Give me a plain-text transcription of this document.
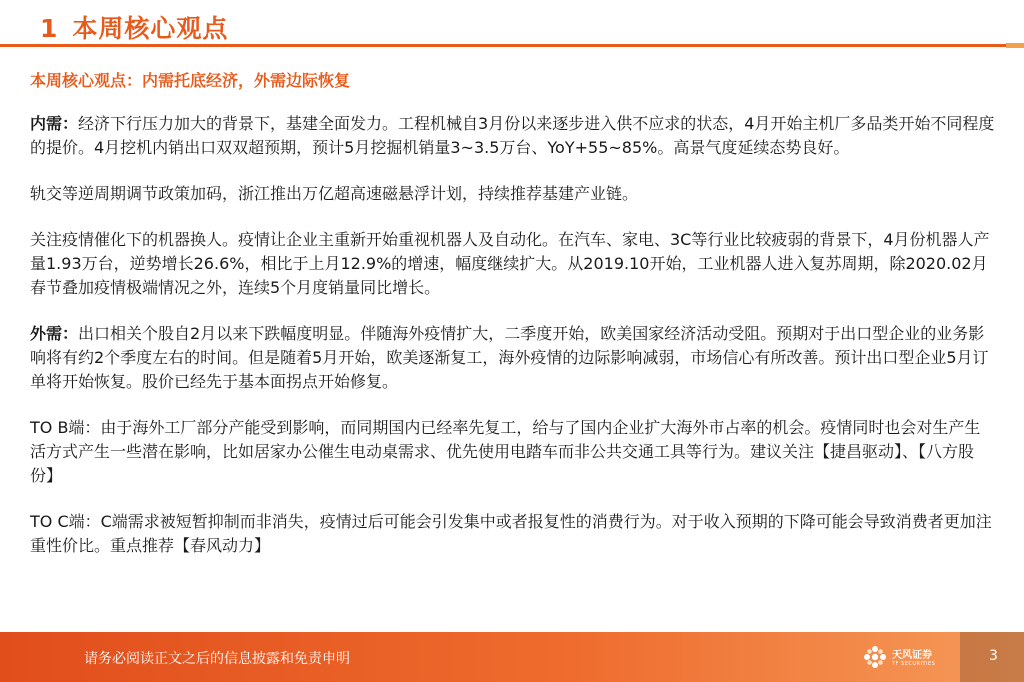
1 本周核心观点
本周核心观点：内需托底经济，外需边际恢复

内需：经济下行压力加大的背景下，基建全面发力。工程机械自3月份以来逐步进入供不应求的状态，4月开始主机厂多品类开始不同程度的提价。4月挖机内销出口双双超预期，预计5月挖掘机销量3~3.5万台、YoY+55~85%。高景气度延续态势良好。

轨交等逆周期调节政策加码，浙江推出万亿超高速磁悬浮计划，持续推荐基建产业链。

关注疫情催化下的机器换人。疫情让企业主重新开始重视机器人及自动化。在汽车、家电、3C等行业比较疲弱的背景下，4月份机器人产量1.93万台，逆势增长26.6%，相比于上月12.9%的增速，幅度继续扩大。从2019.10开始，工业机器人进入复苏周期，除2020.02月春节叠加疫情极端情况之外，连续5个月度销量同比增长。

外需：出口相关个股自2月以来下跌幅度明显。伴随海外疫情扩大，二季度开始，欧美国家经济活动受阻。预期对于出口型企业的业务影响将有约2个季度左右的时间。但是随着5月开始，欧美逐渐复工，海外疫情的边际影响减弱，市场信心有所改善。预计出口型企业5月订单将开始恢复。股价已经先于基本面拐点开始修复。

TO B端：由于海外工厂部分产能受到影响，而同期国内已经率先复工，给与了国内企业扩大海外市占率的机会。疫情同时也会对生产生活方式产生一些潜在影响，比如居家办公催生电动桌需求、优先使用电踏车而非公共交通工具等行为。建议关注【捷昌驱动】、【八方股份】

TO C端：C端需求被短暂抑制而非消失，疫情过后可能会引发集中或者报复性的消费行为。对于收入预期的下降可能会导致消费者更加注重性价比。重点推荐【春风动力】

请务必阅读正文之后的信息披露和免责申明	天风证券
TF SECURITIES	3
